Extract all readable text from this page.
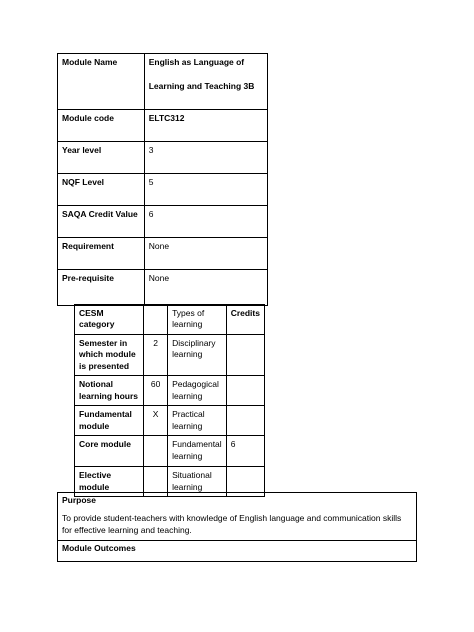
Module Name	English as Language of
Learning and Teaching 3B

Module code	ELTC312
Year level	3
NQF Level	5
SAQA Credit Value	6
Requirement	None
Pre-requisite	None
CESM category		Types of learning	Credits
Semester in which module is presented	2	Disciplinary learning	
Notional learning hours	60	Pedagogical learning	
Fundamental module	X	Practical learning	
Core module		Fundamental learning	6
Elective module		Situational learning	
Purpose
To provide student-teachers with knowledge of English language and communication skills for effective learning and teaching.

Module Outcomes
